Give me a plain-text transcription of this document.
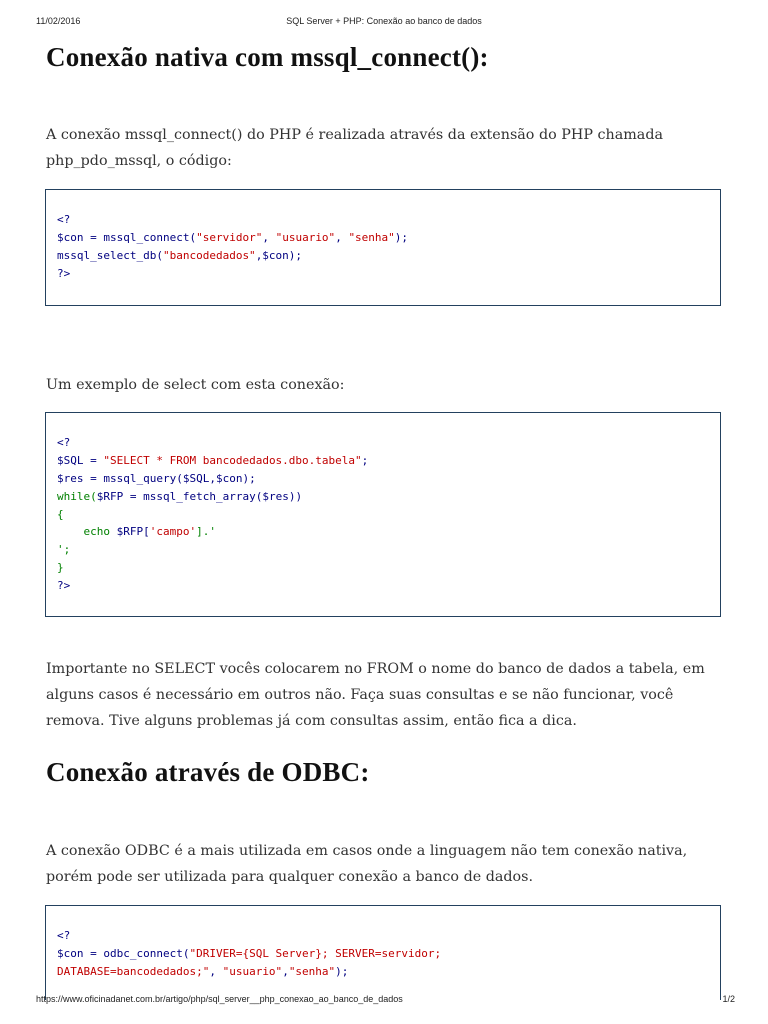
11/02/2016	SQL Server + PHP: Conexão ao banco de dados
Conexão nativa com mssql_connect():

A conexão mssql_connect() do PHP é realizada através da extensão do PHP chamada php_pdo_mssql, o código:

<?
$con = mssql_connect("servidor", "usuario", "senha");
mssql_select_db("bancodedados",$con);
?>

Um exemplo de select com esta conexão:

<?
$SQL = "SELECT * FROM bancodedados.dbo.tabela";
$res = mssql_query($SQL,$con);
while($RFP = mssql_fetch_array($res))
{
echo $RFP['campo'].'
';
}
?>

Importante no SELECT vocês colocarem no FROM o nome do banco de dados a tabela, em alguns casos é necessário em outros não. Faça suas consultas e se não funcionar, você remova. Tive alguns problemas já com consultas assim, então fica a dica.

Conexão através de ODBC:

A conexão ODBC é a mais utilizada em casos onde a linguagem não tem conexão nativa, porém pode ser utilizada para qualquer conexão a banco de dados.

<?
$con = odbc_connect("DRIVER={SQL Server}; SERVER=servidor;
DATABASE=bancodedados;", "usuario","senha");
https://www.oficinadanet.com.br/artigo/php/sql_server__php_conexao_ao_banco_de_dados	1/2
